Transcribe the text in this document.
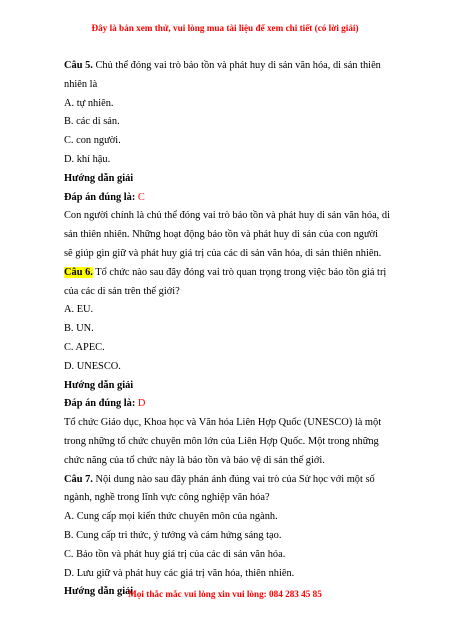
Đây là bản xem thử, vui lòng mua tài liệu để xem chi tiết (có lời giải)
Câu 5. Chủ thể đóng vai trò bảo tồn và phát huy di sản văn hóa, di sản thiên
nhiên là
A. tự nhiên.
B. các di sản.
C. con người.
D. khí hậu.
Hướng dẫn giải
Đáp án đúng là: C
Con người chính là chủ thể đóng vai trò bảo tồn và phát huy di sản văn hóa, di
sản thiên nhiên. Những hoạt động bảo tồn và phát huy di sản của con người
sẽ giúp gìn giữ và phát huy giá trị của các di sản văn hóa, di sản thiên nhiên.
Câu 6. Tổ chức nào sau đây đóng vai trò quan trọng trong việc bảo tồn giá trị
của các di sản trên thế giới?
A. EU.
B. UN.
C. APEC.
D. UNESCO.
Hướng dẫn giải
Đáp án đúng là: D
Tổ chức Giáo dục, Khoa học và Văn hóa Liên Hợp Quốc (UNESCO) là một
trong những tổ chức chuyên môn lớn của Liên Hợp Quốc. Một trong những
chức năng của tổ chức này là bảo tồn và bảo vệ di sản thế giới.
Câu 7. Nội dung nào sau đây phản ánh đúng vai trò của Sử học với một số
ngành, nghề trong lĩnh vực công nghiệp văn hóa?
A. Cung cấp mọi kiến thức chuyên môn của ngành.
B. Cung cấp tri thức, ý tưởng và cảm hứng sáng tạo.
C. Bảo tồn và phát huy giá trị của các di sản văn hóa.
D. Lưu giữ và phát huy các giá trị văn hóa, thiên nhiên.
Hướng dẫn giải
Mọi thắc mắc vui lòng xin vui lòng: 084 283 45 85
